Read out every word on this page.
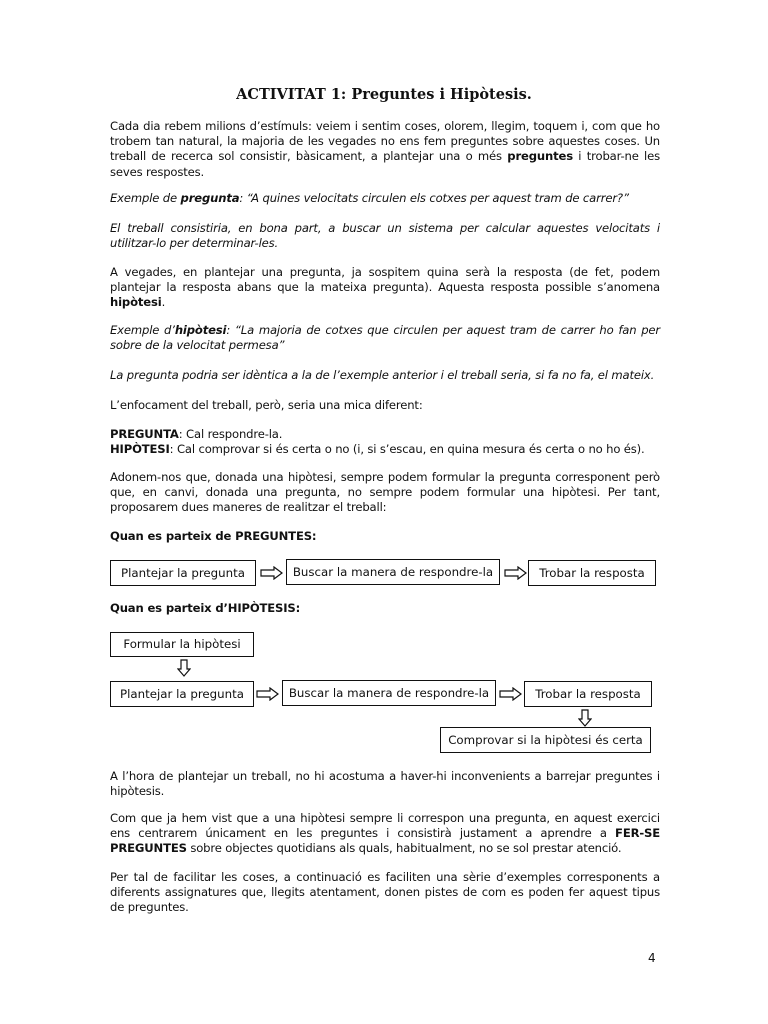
ACTIVITAT 1: Preguntes i Hipòtesis.
Cada dia rebem milions d’estímuls: veiem i sentim coses, olorem, llegim, toquem i, com que ho trobem tan natural, la majoria de les vegades no ens fem preguntes sobre aquestes coses. Un treball de recerca sol consistir, bàsicament, a plantejar una o més preguntes i trobar-ne les seves respostes.
Exemple de pregunta: “A quines velocitats circulen els cotxes per aquest tram de carrer?”
El treball consistiria, en bona part, a buscar un sistema per calcular aquestes velocitats i utilitzar-lo per determinar-les.
A vegades, en plantejar una pregunta, ja sospitem quina serà la resposta (de fet, podem plantejar la resposta abans que la mateixa pregunta). Aquesta resposta possible s’anomena hipòtesi.
Exemple d’hipòtesi: “La majoria de cotxes que circulen per aquest tram de carrer ho fan per sobre de la velocitat permesa”
La pregunta podria ser idèntica a la de l’exemple anterior i el treball seria, si fa no fa, el mateix.
L’enfocament del treball, però, seria una mica diferent:
PREGUNTA: Cal respondre-la.
HIPÒTESI: Cal comprovar si és certa o no (i, si s’escau, en quina mesura és certa o no ho és).
Adonem-nos que, donada una hipòtesi, sempre podem formular la pregunta corresponent però que, en canvi, donada una pregunta, no sempre podem formular una hipòtesi. Per tant, proposarem dues maneres de realitzar el treball:
Quan es parteix de PREGUNTES:
Plantejar la pregunta	Buscar la manera de respondre-la	Trobar la resposta
Quan es parteix d’HIPÒTESIS:
Formular la hipòtesi
Plantejar la pregunta	Buscar la manera de respondre-la	Trobar la resposta
Comprovar si la hipòtesi és certa
A l’hora de plantejar un treball, no hi acostuma a haver-hi inconvenients a barrejar preguntes i hipòtesis.
Com que ja hem vist que a una hipòtesi sempre li correspon una pregunta, en aquest exercici ens centrarem únicament en les preguntes i consistirà justament a aprendre a FER-SE PREGUNTES sobre objectes quotidians als quals, habitualment, no se sol prestar atenció.
Per tal de facilitar les coses, a continuació es faciliten una sèrie d’exemples corresponents a diferents assignatures que, llegits atentament, donen pistes de com es poden fer aquest tipus de preguntes.
4
